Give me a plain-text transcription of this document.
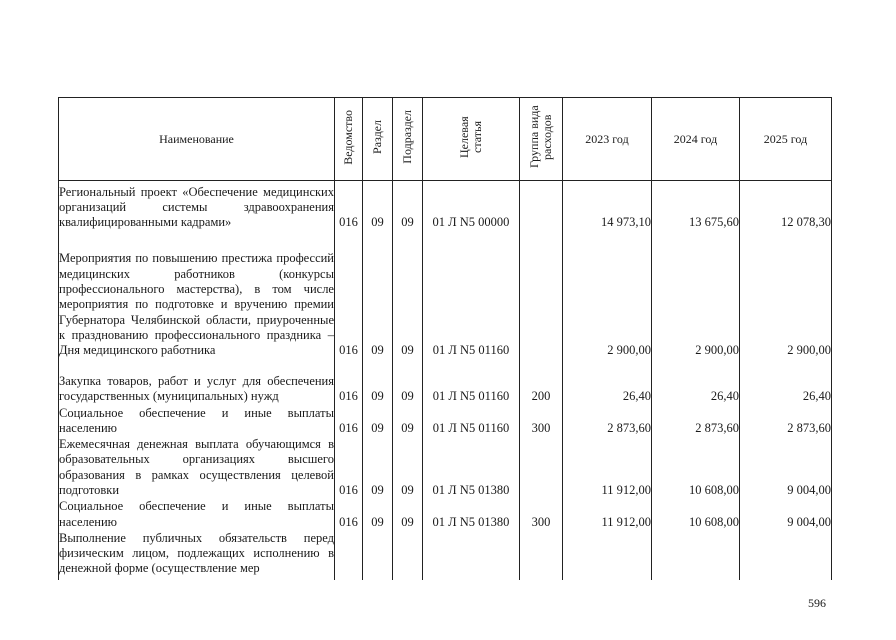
Наименование	Ведомство	Раздел	Подраздел	Целевая статья	Группа вида расходов	2023 год	2024 год	2025 год
Региональный проект «Обеспечение медицинских организаций системы здравоохранения квалифицированными кадрами»	016	09	09	01 Л N5 00000		14 973,10	13 675,60	12 078,30
Мероприятия по повышению престижа профессий медицинских работников (конкурсы профессионального мастерства), в том числе мероприятия по подготовке и вручению премии Губернатора Челябинской области, приуроченные к празднованию профессионального праздника – Дня медицинского работника	016	09	09	01 Л N5 01160		2 900,00	2 900,00	2 900,00
Закупка товаров, работ и услуг для обеспечения государственных (муниципальных) нужд	016	09	09	01 Л N5 01160	200	26,40	26,40	26,40
Социальное обеспечение и иные выплаты населению	016	09	09	01 Л N5 01160	300	2 873,60	2 873,60	2 873,60
Ежемесячная денежная выплата обучающимся в образовательных организациях высшего образования в рамках осуществления целевой подготовки	016	09	09	01 Л N5 01380		11 912,00	10 608,00	9 004,00
Социальное обеспечение и иные выплаты населению	016	09	09	01 Л N5 01380	300	11 912,00	10 608,00	9 004,00
Выполнение публичных обязательств перед физическим лицом, подлежащих исполнению в денежной форме (осуществление мер								
596
